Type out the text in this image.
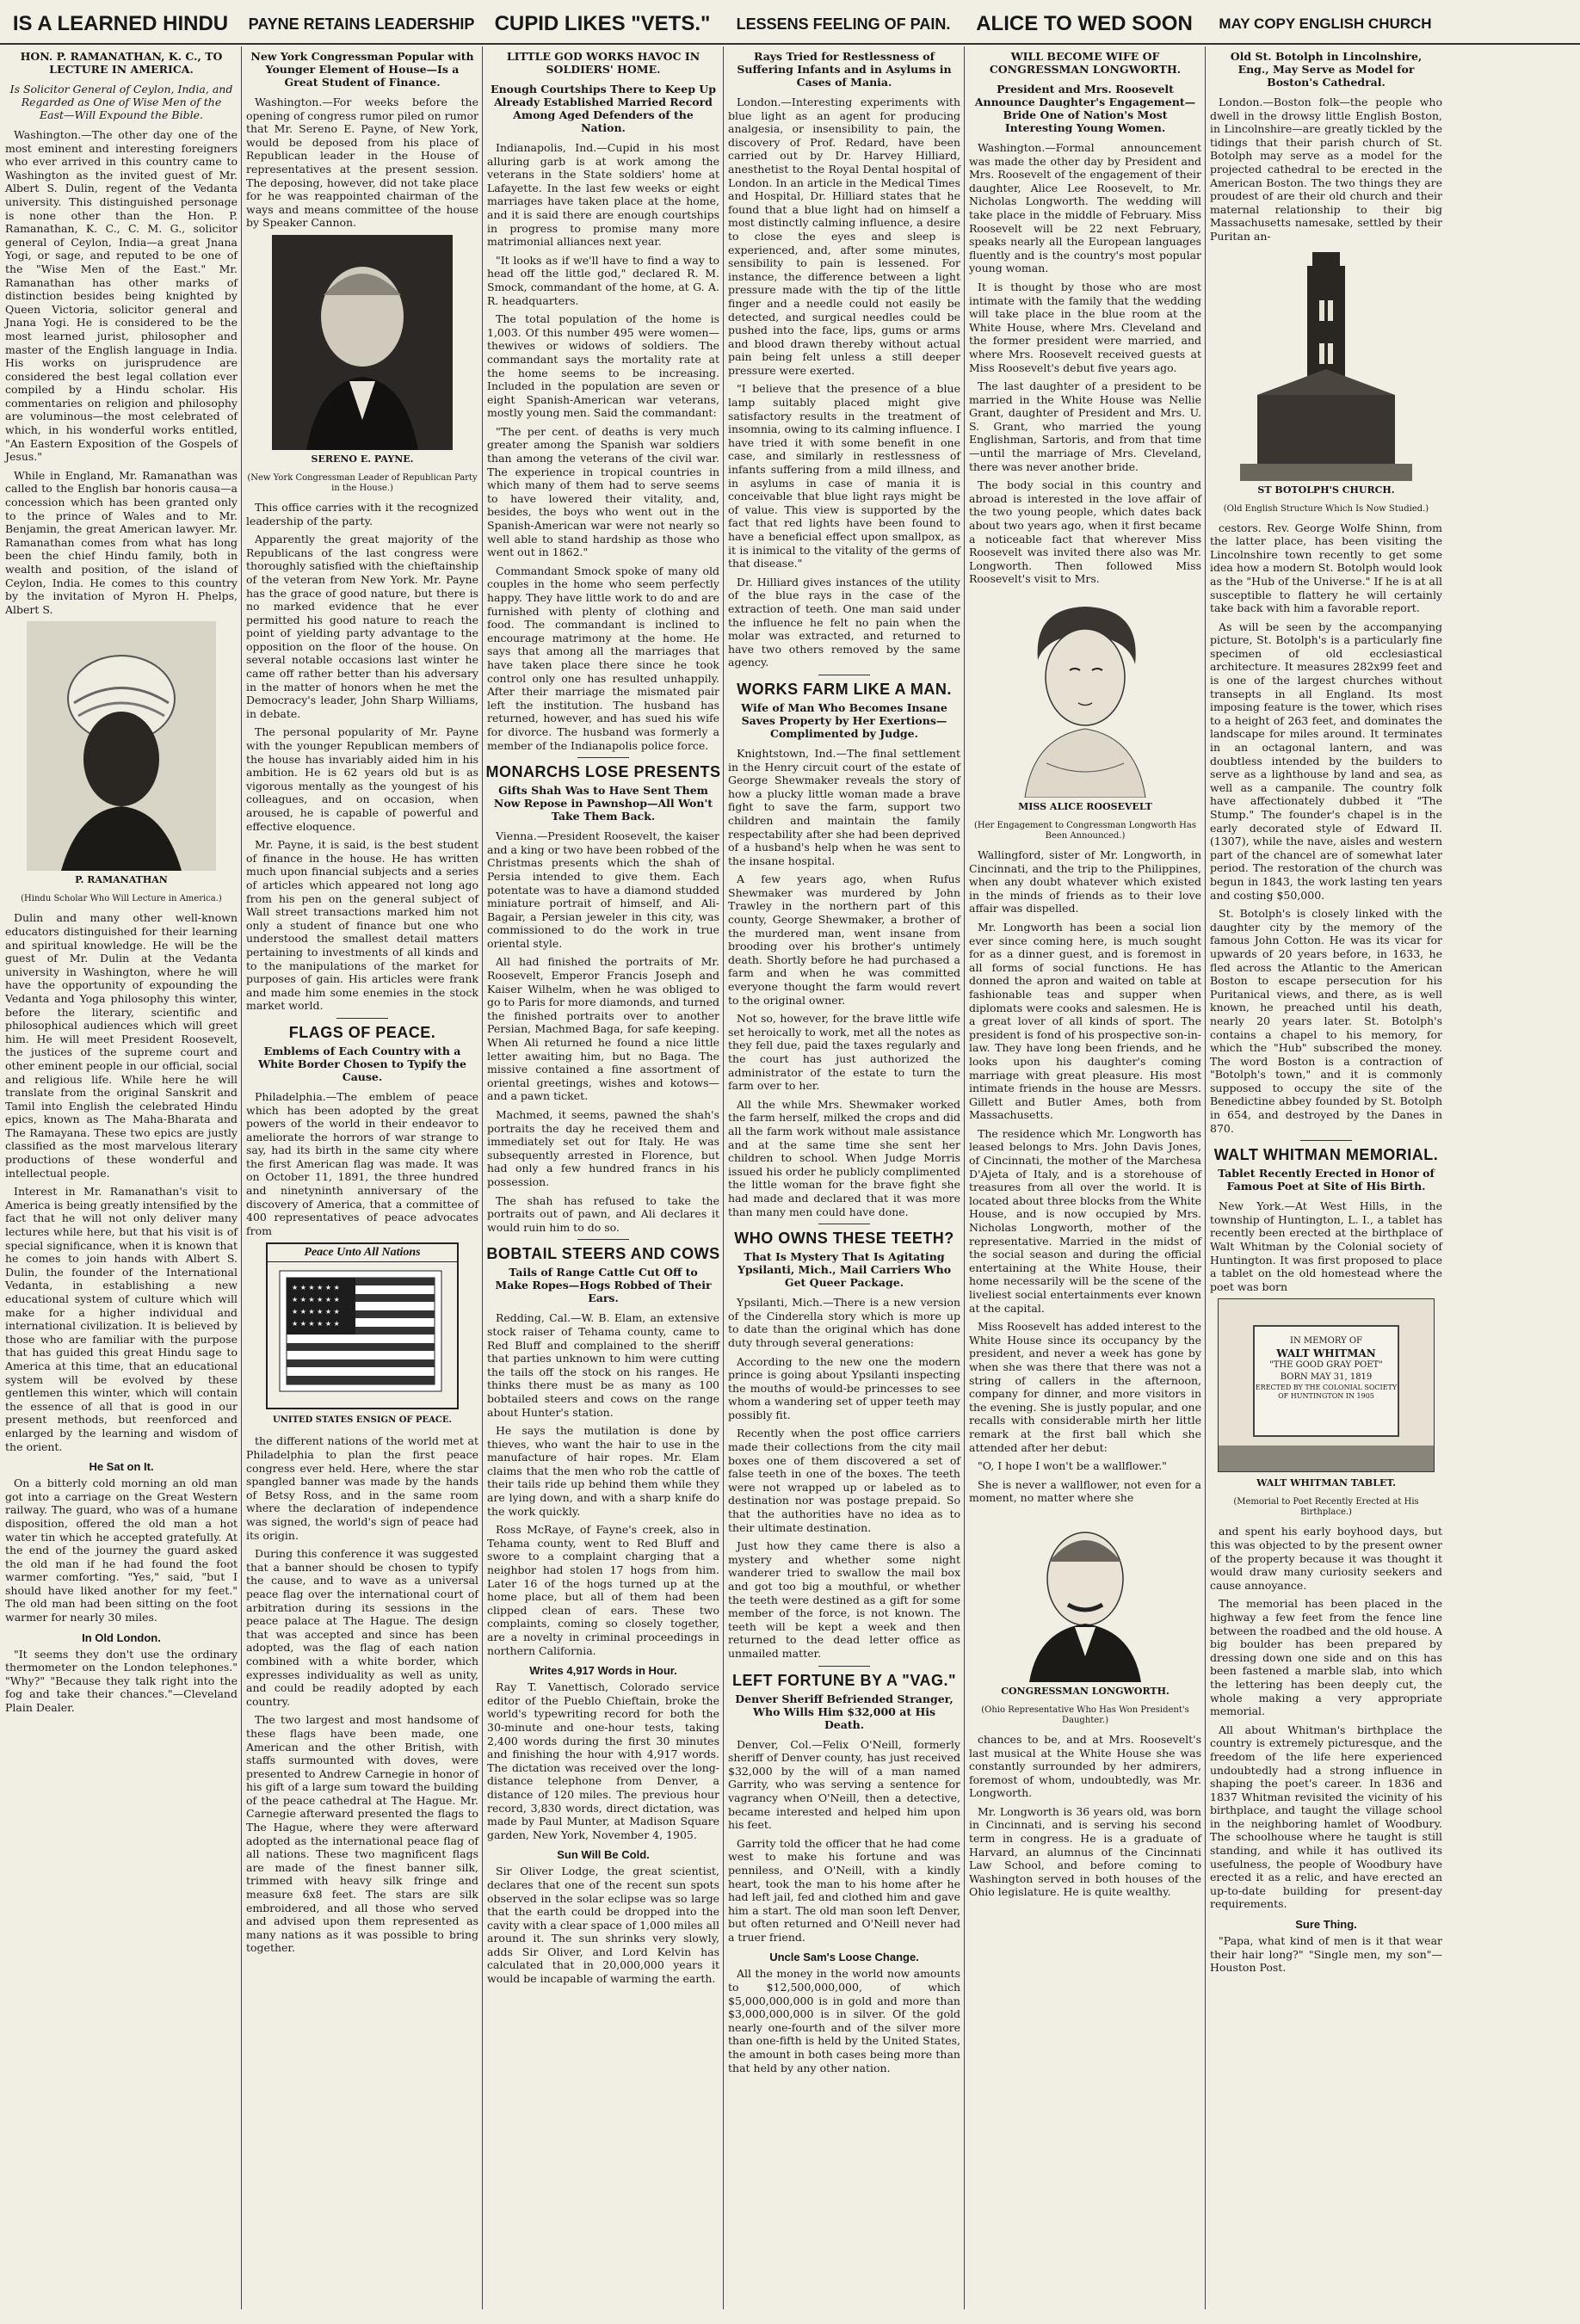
IS A LEARNED HINDU
HON. P. RAMANATHAN, K. C., TO LECTURE IN AMERICA.
Is Solicitor General of Ceylon, India, and Regarded as One of Wise Men of the East—Will Expound the Bible.

Washington.—The other day one of the most eminent and interesting foreigners who ever arrived in this country came to Washington as the invited guest of Mr. Albert S. Dulin, regent of the Vedanta university. This distinguished personage is none other than the Hon. P. Ramanathan, K. C., C. M. G., solicitor general of Ceylon, India—a great Jnana Yogi, or sage, and reputed to be one of the "Wise Men of the East." Mr. Ramanathan has other marks of distinction besides being knighted by Queen Victoria, solicitor general and Jnana Yogi. He is considered to be the most learned jurist, philosopher and master of the English language in India. His works on jurisprudence are considered the best legal collation ever compiled by a Hindu scholar. His commentaries on religion and philosophy are voluminous—the most celebrated of which, in his wonderful works entitled, "An Eastern Exposition of the Gospels of Jesus."

While in England, Mr. Ramanathan was called to the English bar honoris causa—a concession which has been granted only to the prince of Wales and to Mr. Benjamin, the great American lawyer. Mr. Ramanathan comes from what has long been the chief Hindu family, both in wealth and position, of the island of Ceylon, India. He comes to this country by the invitation of Myron H. Phelps, Albert S.

P. RAMANATHAN
(Hindu Scholar Who Will Lecture in America.)

Dulin and many other well-known educators distinguished for their learning and spiritual knowledge. He will be the guest of Mr. Dulin at the Vedanta university in Washington, where he will have the opportunity of expounding the Vedanta and Yoga philosophy this winter, before the literary, scientific and philosophical audiences which will greet him. He will meet President Roosevelt, the justices of the supreme court and other eminent people in our official, social and religious life. While here he will translate from the original Sanskrit and Tamil into English the celebrated Hindu epics, known as The Maha-Bharata and The Ramayana. These two epics are justly classified as the most marvelous literary productions of these wonderful and intellectual people.

Interest in Mr. Ramanathan's visit to America is being greatly intensified by the fact that he will not only deliver many lectures while here, but that his visit is of special significance, when it is known that he comes to join hands with Albert S. Dulin, the founder of the International Vedanta, in establishing a new educational system of culture which will make for a higher individual and international civilization. It is believed by those who are familiar with the purpose that has guided this great Hindu sage to America at this time, that an educational system will be evolved by these gentlemen this winter, which will contain the essence of all that is good in our present methods, but reenforced and enlarged by the learning and wisdom of the orient.

He Sat on It.

On a bitterly cold morning an old man got into a carriage on the Great Western railway. The guard, who was of a humane disposition, offered the old man a hot water tin which he accepted gratefully. At the end of the journey the guard asked the old man if he had found the foot warmer comforting. "Yes," said, "but I should have liked another for my feet." The old man had been sitting on the foot warmer for nearly 30 miles.

In Old London.

"It seems they don't use the ordinary thermometer on the London telephones." "Why?" "Because they talk right into the fog and take their chances."—Cleveland Plain Dealer.

PAYNE RETAINS LEADERSHIP
New York Congressman Popular with Younger Element of House—Is a Great Student of Finance.

Washington.—For weeks before the opening of congress rumor piled on rumor that Mr. Sereno E. Payne, of New York, would be deposed from his place of Republican leader in the House of representatives at the present session. The deposing, however, did not take place for he was reappointed chairman of the ways and means committee of the house by Speaker Cannon.

SERENO E. PAYNE.
(New York Congressman Leader of Republican Party in the House.)

This office carries with it the recognized leadership of the party.

Apparently the great majority of the Republicans of the last congress were thoroughly satisfied with the chieftainship of the veteran from New York. Mr. Payne has the grace of good nature, but there is no marked evidence that he ever permitted his good nature to reach the point of yielding party advantage to the opposition on the floor of the house. On several notable occasions last winter he came off rather better than his adversary in the matter of honors when he met the Democracy's leader, John Sharp Williams, in debate.

The personal popularity of Mr. Payne with the younger Republican members of the house has invariably aided him in his ambition. He is 62 years old but is as vigorous mentally as the youngest of his colleagues, and on occasion, when aroused, he is capable of powerful and effective eloquence.

Mr. Payne, it is said, is the best student of finance in the house. He has written much upon financial subjects and a series of articles which appeared not long ago from his pen on the general subject of Wall street transactions marked him not only a student of finance but one who understood the smallest detail matters pertaining to investments of all kinds and to the manipulations of the market for purposes of gain. His articles were frank and made him some enemies in the stock market world.

FLAGS OF PEACE.
Emblems of Each Country with a White Border Chosen to Typify the Cause.

Philadelphia.—The emblem of peace which has been adopted by the great powers of the world in their endeavor to ameliorate the horrors of war strange to say, had its birth in the same city where the first American flag was made. It was on October 11, 1891, the three hundred and ninetyninth anniversary of the discovery of America, that a committee of 400 representatives of peace advocates from

Peace Unto All Nations
★ ★ ★ ★ ★ ★
★ ★ ★ ★ ★ ★
★ ★ ★ ★ ★ ★
★ ★ ★ ★ ★ ★
UNITED STATES ENSIGN OF PEACE.

the different nations of the world met at Philadelphia to plan the first peace congress ever held. Here, where the star spangled banner was made by the hands of Betsy Ross, and in the same room where the declaration of independence was signed, the world's sign of peace had its origin.

During this conference it was suggested that a banner should be chosen to typify the cause, and to wave as a universal peace flag over the international court of arbitration during its sessions in the peace palace at The Hague. The design that was accepted and since has been adopted, was the flag of each nation combined with a white border, which expresses individuality as well as unity, and could be readily adopted by each country.

The two largest and most handsome of these flags have been made, one American and the other British, with staffs surmounted with doves, were presented to Andrew Carnegie in honor of his gift of a large sum toward the building of the peace cathedral at The Hague. Mr. Carnegie afterward presented the flags to The Hague, where they were afterward adopted as the international peace flag of all nations. These two magnificent flags are made of the finest banner silk, trimmed with heavy silk fringe and measure 6x8 feet. The stars are silk embroidered, and all those who served and advised upon them represented as many nations as it was possible to bring together.

CUPID LIKES "VETS."
LITTLE GOD WORKS HAVOC IN SOLDIERS' HOME.
Enough Courtships There to Keep Up Already Established Married Record Among Aged Defenders of the Nation.

Indianapolis, Ind.—Cupid in his most alluring garb is at work among the veterans in the State soldiers' home at Lafayette. In the last few weeks or eight marriages have taken place at the home, and it is said there are enough courtships in progress to promise many more matrimonial alliances next year.

"It looks as if we'll have to find a way to head off the little god," declared R. M. Smock, commandant of the home, at G. A. R. headquarters.

The total population of the home is 1,003. Of this number 495 were women—thewives or widows of soldiers. The commandant says the mortality rate at the home seems to be increasing. Included in the population are seven or eight Spanish-American war veterans, mostly young men. Said the commandant:

"The per cent. of deaths is very much greater among the Spanish war soldiers than among the veterans of the civil war. The experience in tropical countries in which many of them had to serve seems to have lowered their vitality, and, besides, the boys who went out in the Spanish-American war were not nearly so well able to stand hardship as those who went out in 1862."

Commandant Smock spoke of many old couples in the home who seem perfectly happy. They have little work to do and are furnished with plenty of clothing and food. The commandant is inclined to encourage matrimony at the home. He says that among all the marriages that have taken place there since he took control only one has resulted unhappily. After their marriage the mismated pair left the institution. The husband has returned, however, and has sued his wife for divorce. The husband was formerly a member of the Indianapolis police force.

MONARCHS LOSE PRESENTS
Gifts Shah Was to Have Sent Them Now Repose in Pawnshop—All Won't Take Them Back.

Vienna.—President Roosevelt, the kaiser and a king or two have been robbed of the Christmas presents which the shah of Persia intended to give them. Each potentate was to have a diamond studded miniature portrait of himself, and Ali-Bagair, a Persian jeweler in this city, was commissioned to do the work in true oriental style.

All had finished the portraits of Mr. Roosevelt, Emperor Francis Joseph and Kaiser Wilhelm, when he was obliged to go to Paris for more diamonds, and turned the finished portraits over to another Persian, Machmed Baga, for safe keeping. When Ali returned he found a nice little letter awaiting him, but no Baga. The missive contained a fine assortment of oriental greetings, wishes and kotows—and a pawn ticket.

Machmed, it seems, pawned the shah's portraits the day he received them and immediately set out for Italy. He was subsequently arrested in Florence, but had only a few hundred francs in his possession.

The shah has refused to take the portraits out of pawn, and Ali declares it would ruin him to do so.

BOBTAIL STEERS AND COWS
Tails of Range Cattle Cut Off to Make Ropes—Hogs Robbed of Their Ears.

Redding, Cal.—W. B. Elam, an extensive stock raiser of Tehama county, came to Red Bluff and complained to the sheriff that parties unknown to him were cutting the tails off the stock on his ranges. He thinks there must be as many as 100 bobtailed steers and cows on the range about Hunter's station.

He says the mutilation is done by thieves, who want the hair to use in the manufacture of hair ropes. Mr. Elam claims that the men who rob the cattle of their tails ride up behind them while they are lying down, and with a sharp knife do the work quickly.

Ross McRaye, of Fayne's creek, also in Tehama county, went to Red Bluff and swore to a complaint charging that a neighbor had stolen 17 hogs from him. Later 16 of the hogs turned up at the home place, but all of them had been clipped clean of ears. These two complaints, coming so closely together, are a novelty in criminal proceedings in northern California.

Writes 4,917 Words in Hour.

Ray T. Vanettisch, Colorado service editor of the Pueblo Chieftain, broke the world's typewriting record for both the 30-minute and one-hour tests, taking 2,400 words during the first 30 minutes and finishing the hour with 4,917 words. The dictation was received over the long-distance telephone from Denver, a distance of 120 miles. The previous hour record, 3,830 words, direct dictation, was made by Paul Munter, at Madison Square garden, New York, November 4, 1905.

Sun Will Be Cold.

Sir Oliver Lodge, the great scientist, declares that one of the recent sun spots observed in the solar eclipse was so large that the earth could be dropped into the cavity with a clear space of 1,000 miles all around it. The sun shrinks very slowly, adds Sir Oliver, and Lord Kelvin has calculated that in 20,000,000 years it would be incapable of warming the earth.

LESSENS FEELING OF PAIN.
Rays Tried for Restlessness of Suffering Infants and in Asylums in Cases of Mania.

London.—Interesting experiments with blue light as an agent for producing analgesia, or insensibility to pain, the discovery of Prof. Redard, have been carried out by Dr. Harvey Hilliard, anesthetist to the Royal Dental hospital of London. In an article in the Medical Times and Hospital, Dr. Hilliard states that he found that a blue light had on himself a most distinctly calming influence, a desire to close the eyes and sleep is experienced, and, after some minutes, sensibility to pain is lessened. For instance, the difference between a light pressure made with the tip of the little finger and a needle could not easily be detected, and surgical needles could be pushed into the face, lips, gums or arms and blood drawn thereby without actual pain being felt unless a still deeper pressure were exerted.

"I believe that the presence of a blue lamp suitably placed might give satisfactory results in the treatment of insomnia, owing to its calming influence. I have tried it with some benefit in one case, and similarly in restlessness of infants suffering from a mild illness, and in asylums in case of mania it is conceivable that blue light rays might be of value. This view is supported by the fact that red lights have been found to have a beneficial effect upon smallpox, as it is inimical to the vitality of the germs of that disease."

Dr. Hilliard gives instances of the utility of the blue rays in the case of the extraction of teeth. One man said under the influence he felt no pain when the molar was extracted, and returned to have two others removed by the same agency.

WORKS FARM LIKE A MAN.
Wife of Man Who Becomes Insane Saves Property by Her Exertions—Complimented by Judge.

Knightstown, Ind.—The final settlement in the Henry circuit court of the estate of George Shewmaker reveals the story of how a plucky little woman made a brave fight to save the farm, support two children and maintain the family respectability after she had been deprived of a husband's help when he was sent to the insane hospital.

A few years ago, when Rufus Shewmaker was murdered by John Trawley in the northern part of this county, George Shewmaker, a brother of the murdered man, went insane from brooding over his brother's untimely death. Shortly before he had purchased a farm and when he was committed everyone thought the farm would revert to the original owner.

Not so, however, for the brave little wife set heroically to work, met all the notes as they fell due, paid the taxes regularly and the court has just authorized the administrator of the estate to turn the farm over to her.

All the while Mrs. Shewmaker worked the farm herself, milked the crops and did all the farm work without male assistance and at the same time she sent her children to school. When Judge Morris issued his order he publicly complimented the little woman for the brave fight she had made and declared that it was more than many men could have done.

WHO OWNS THESE TEETH?
That Is Mystery That Is Agitating Ypsilanti, Mich., Mail Carriers Who Get Queer Package.

Ypsilanti, Mich.—There is a new version of the Cinderella story which is more up to date than the original which has done duty through several generations:

According to the new one the modern prince is going about Ypsilanti inspecting the mouths of would-be princesses to see whom a wandering set of upper teeth may possibly fit.

Recently when the post office carriers made their collections from the city mail boxes one of them discovered a set of false teeth in one of the boxes. The teeth were not wrapped up or labeled as to destination nor was postage prepaid. So that the authorities have no idea as to their ultimate destination.

Just how they came there is also a mystery and whether some night wanderer tried to swallow the mail box and got too big a mouthful, or whether the teeth were destined as a gift for some member of the force, is not known. The teeth will be kept a week and then returned to the dead letter office as unmailed matter.

LEFT FORTUNE BY A "VAG."
Denver Sheriff Befriended Stranger, Who Wills Him $32,000 at His Death.

Denver, Col.—Felix O'Neill, formerly sheriff of Denver county, has just received $32,000 by the will of a man named Garrity, who was serving a sentence for vagrancy when O'Neill, then a detective, became interested and helped him upon his feet.

Garrity told the officer that he had come west to make his fortune and was penniless, and O'Neill, with a kindly heart, took the man to his home after he had left jail, fed and clothed him and gave him a start. The old man soon left Denver, but often returned and O'Neill never had a truer friend.

Uncle Sam's Loose Change.

All the money in the world now amounts to $12,500,000,000, of which $5,000,000,000 is in gold and more than $3,000,000,000 is in silver. Of the gold nearly one-fourth and of the silver more than one-fifth is held by the United States, the amount in both cases being more than that held by any other nation.

ALICE TO WED SOON
WILL BECOME WIFE OF CONGRESSMAN LONGWORTH.
President and Mrs. Roosevelt Announce Daughter's Engagement—Bride One of Nation's Most Interesting Young Women.

Washington.—Formal announcement was made the other day by President and Mrs. Roosevelt of the engagement of their daughter, Alice Lee Roosevelt, to Mr. Nicholas Longworth. The wedding will take place in the middle of February. Miss Roosevelt will be 22 next February, speaks nearly all the European languages fluently and is the country's most popular young woman.

It is thought by those who are most intimate with the family that the wedding will take place in the blue room at the White House, where Mrs. Cleveland and the former president were married, and where Mrs. Roosevelt received guests at Miss Roosevelt's debut five years ago.

The last daughter of a president to be married in the White House was Nellie Grant, daughter of President and Mrs. U. S. Grant, who married the young Englishman, Sartoris, and from that time—until the marriage of Mrs. Cleveland, there was never another bride.

The body social in this country and abroad is interested in the love affair of the two young people, which dates back about two years ago, when it first became a noticeable fact that wherever Miss Roosevelt was invited there also was Mr. Longworth. Then followed Miss Roosevelt's visit to Mrs.

MISS ALICE ROOSEVELT
(Her Engagement to Congressman Longworth Has Been Announced.)

Wallingford, sister of Mr. Longworth, in Cincinnati, and the trip to the Philippines, when any doubt whatever which existed in the minds of friends as to their love affair was dispelled.

Mr. Longworth has been a social lion ever since coming here, is much sought for as a dinner guest, and is foremost in all forms of social functions. He has donned the apron and waited on table at fashionable teas and supper when diplomats were cooks and salesmen. He is a great lover of all kinds of sport. The president is fond of his prospective son-in-law. They have long been friends, and he looks upon his daughter's coming marriage with great pleasure. His most intimate friends in the house are Messrs. Gillett and Butler Ames, both from Massachusetts.

The residence which Mr. Longworth has leased belongs to Mrs. John Davis Jones, of Cincinnati, the mother of the Marchesa D'Ajeta of Italy, and is a storehouse of treasures from all over the world. It is located about three blocks from the White House, and is now occupied by Mrs. Nicholas Longworth, mother of the representative. Married in the midst of the social season and during the official entertaining at the White House, their home necessarily will be the scene of the liveliest social entertainments ever known at the capital.

Miss Roosevelt has added interest to the White House since its occupancy by the president, and never a week has gone by when she was there that there was not a string of callers in the afternoon, company for dinner, and more visitors in the evening. She is justly popular, and one recalls with considerable mirth her little remark at the first ball which she attended after her debut:

"O, I hope I won't be a wallflower."

She is never a wallflower, not even for a moment, no matter where she

CONGRESSMAN LONGWORTH.
(Ohio Representative Who Has Won President's Daughter.)

chances to be, and at Mrs. Roosevelt's last musical at the White House she was constantly surrounded by her admirers, foremost of whom, undoubtedly, was Mr. Longworth.

Mr. Longworth is 36 years old, was born in Cincinnati, and is serving his second term in congress. He is a graduate of Harvard, an alumnus of the Cincinnati Law School, and before coming to Washington served in both houses of the Ohio legislature. He is quite wealthy.

MAY COPY ENGLISH CHURCH
Old St. Botolph in Lincolnshire, Eng., May Serve as Model for Boston's Cathedral.

London.—Boston folk—the people who dwell in the drowsy little English Boston, in Lincolnshire—are greatly tickled by the tidings that their parish church of St. Botolph may serve as a model for the projected cathedral to be erected in the American Boston. The two things they are proudest of are their old church and their maternal relationship to their big Massachusetts namesake, settled by their Puritan an-

ST BOTOLPH'S CHURCH.
(Old English Structure Which Is Now Studied.)

cestors. Rev. George Wolfe Shinn, from the latter place, has been visiting the Lincolnshire town recently to get some idea how a modern St. Botolph would look as the "Hub of the Universe." If he is at all susceptible to flattery he will certainly take back with him a favorable report.

As will be seen by the accompanying picture, St. Botolph's is a particularly fine specimen of old ecclesiastical architecture. It measures 282x99 feet and is one of the largest churches without transepts in all England. Its most imposing feature is the tower, which rises to a height of 263 feet, and dominates the landscape for miles around. It terminates in an octagonal lantern, and was doubtless intended by the builders to serve as a lighthouse by land and sea, as well as a campanile. The country folk have affectionately dubbed it "The Stump." The founder's chapel is in the early decorated style of Edward II. (1307), while the nave, aisles and western part of the chancel are of somewhat later period. The restoration of the church was begun in 1843, the work lasting ten years and costing $50,000.

St. Botolph's is closely linked with the daughter city by the memory of the famous John Cotton. He was its vicar for upwards of 20 years before, in 1633, he fled across the Atlantic to the American Boston to escape persecution for his Puritanical views, and there, as is well known, he preached until his death, nearly 20 years later. St. Botolph's contains a chapel to his memory, for which the "Hub" subscribed the money. The word Boston is a contraction of "Botolph's town," and it is commonly supposed to occupy the site of the Benedictine abbey founded by St. Botolph in 654, and destroyed by the Danes in 870.

WALT WHITMAN MEMORIAL.
Tablet Recently Erected in Honor of Famous Poet at Site of His Birth.

New York.—At West Hills, in the township of Huntington, L. I., a tablet has recently been erected at the birthplace of Walt Whitman by the Colonial society of Huntington. It was first proposed to place a tablet on the old homestead where the poet was born

IN MEMORY OF
WALT WHITMAN
"THE GOOD GRAY POET"
BORN MAY 31, 1819
ERECTED BY THE COLONIAL SOCIETY OF HUNTINGTON IN 1905
WALT WHITMAN TABLET.
(Memorial to Poet Recently Erected at His Birthplace.)

and spent his early boyhood days, but this was objected to by the present owner of the property because it was thought it would draw many curiosity seekers and cause annoyance.

The memorial has been placed in the highway a few feet from the fence line between the roadbed and the old house. A big boulder has been prepared by dressing down one side and on this has been fastened a marble slab, into which the lettering has been deeply cut, the whole making a very appropriate memorial.

All about Whitman's birthplace the country is extremely picturesque, and the freedom of the life here experienced undoubtedly had a strong influence in shaping the poet's career. In 1836 and 1837 Whitman revisited the vicinity of his birthplace, and taught the village school in the neighboring hamlet of Woodbury. The schoolhouse where he taught is still standing, and while it has outlived its usefulness, the people of Woodbury have erected it as a relic, and have erected an up-to-date building for present-day requirements.

Sure Thing.

"Papa, what kind of men is it that wear their hair long?" "Single men, my son"—Houston Post.
